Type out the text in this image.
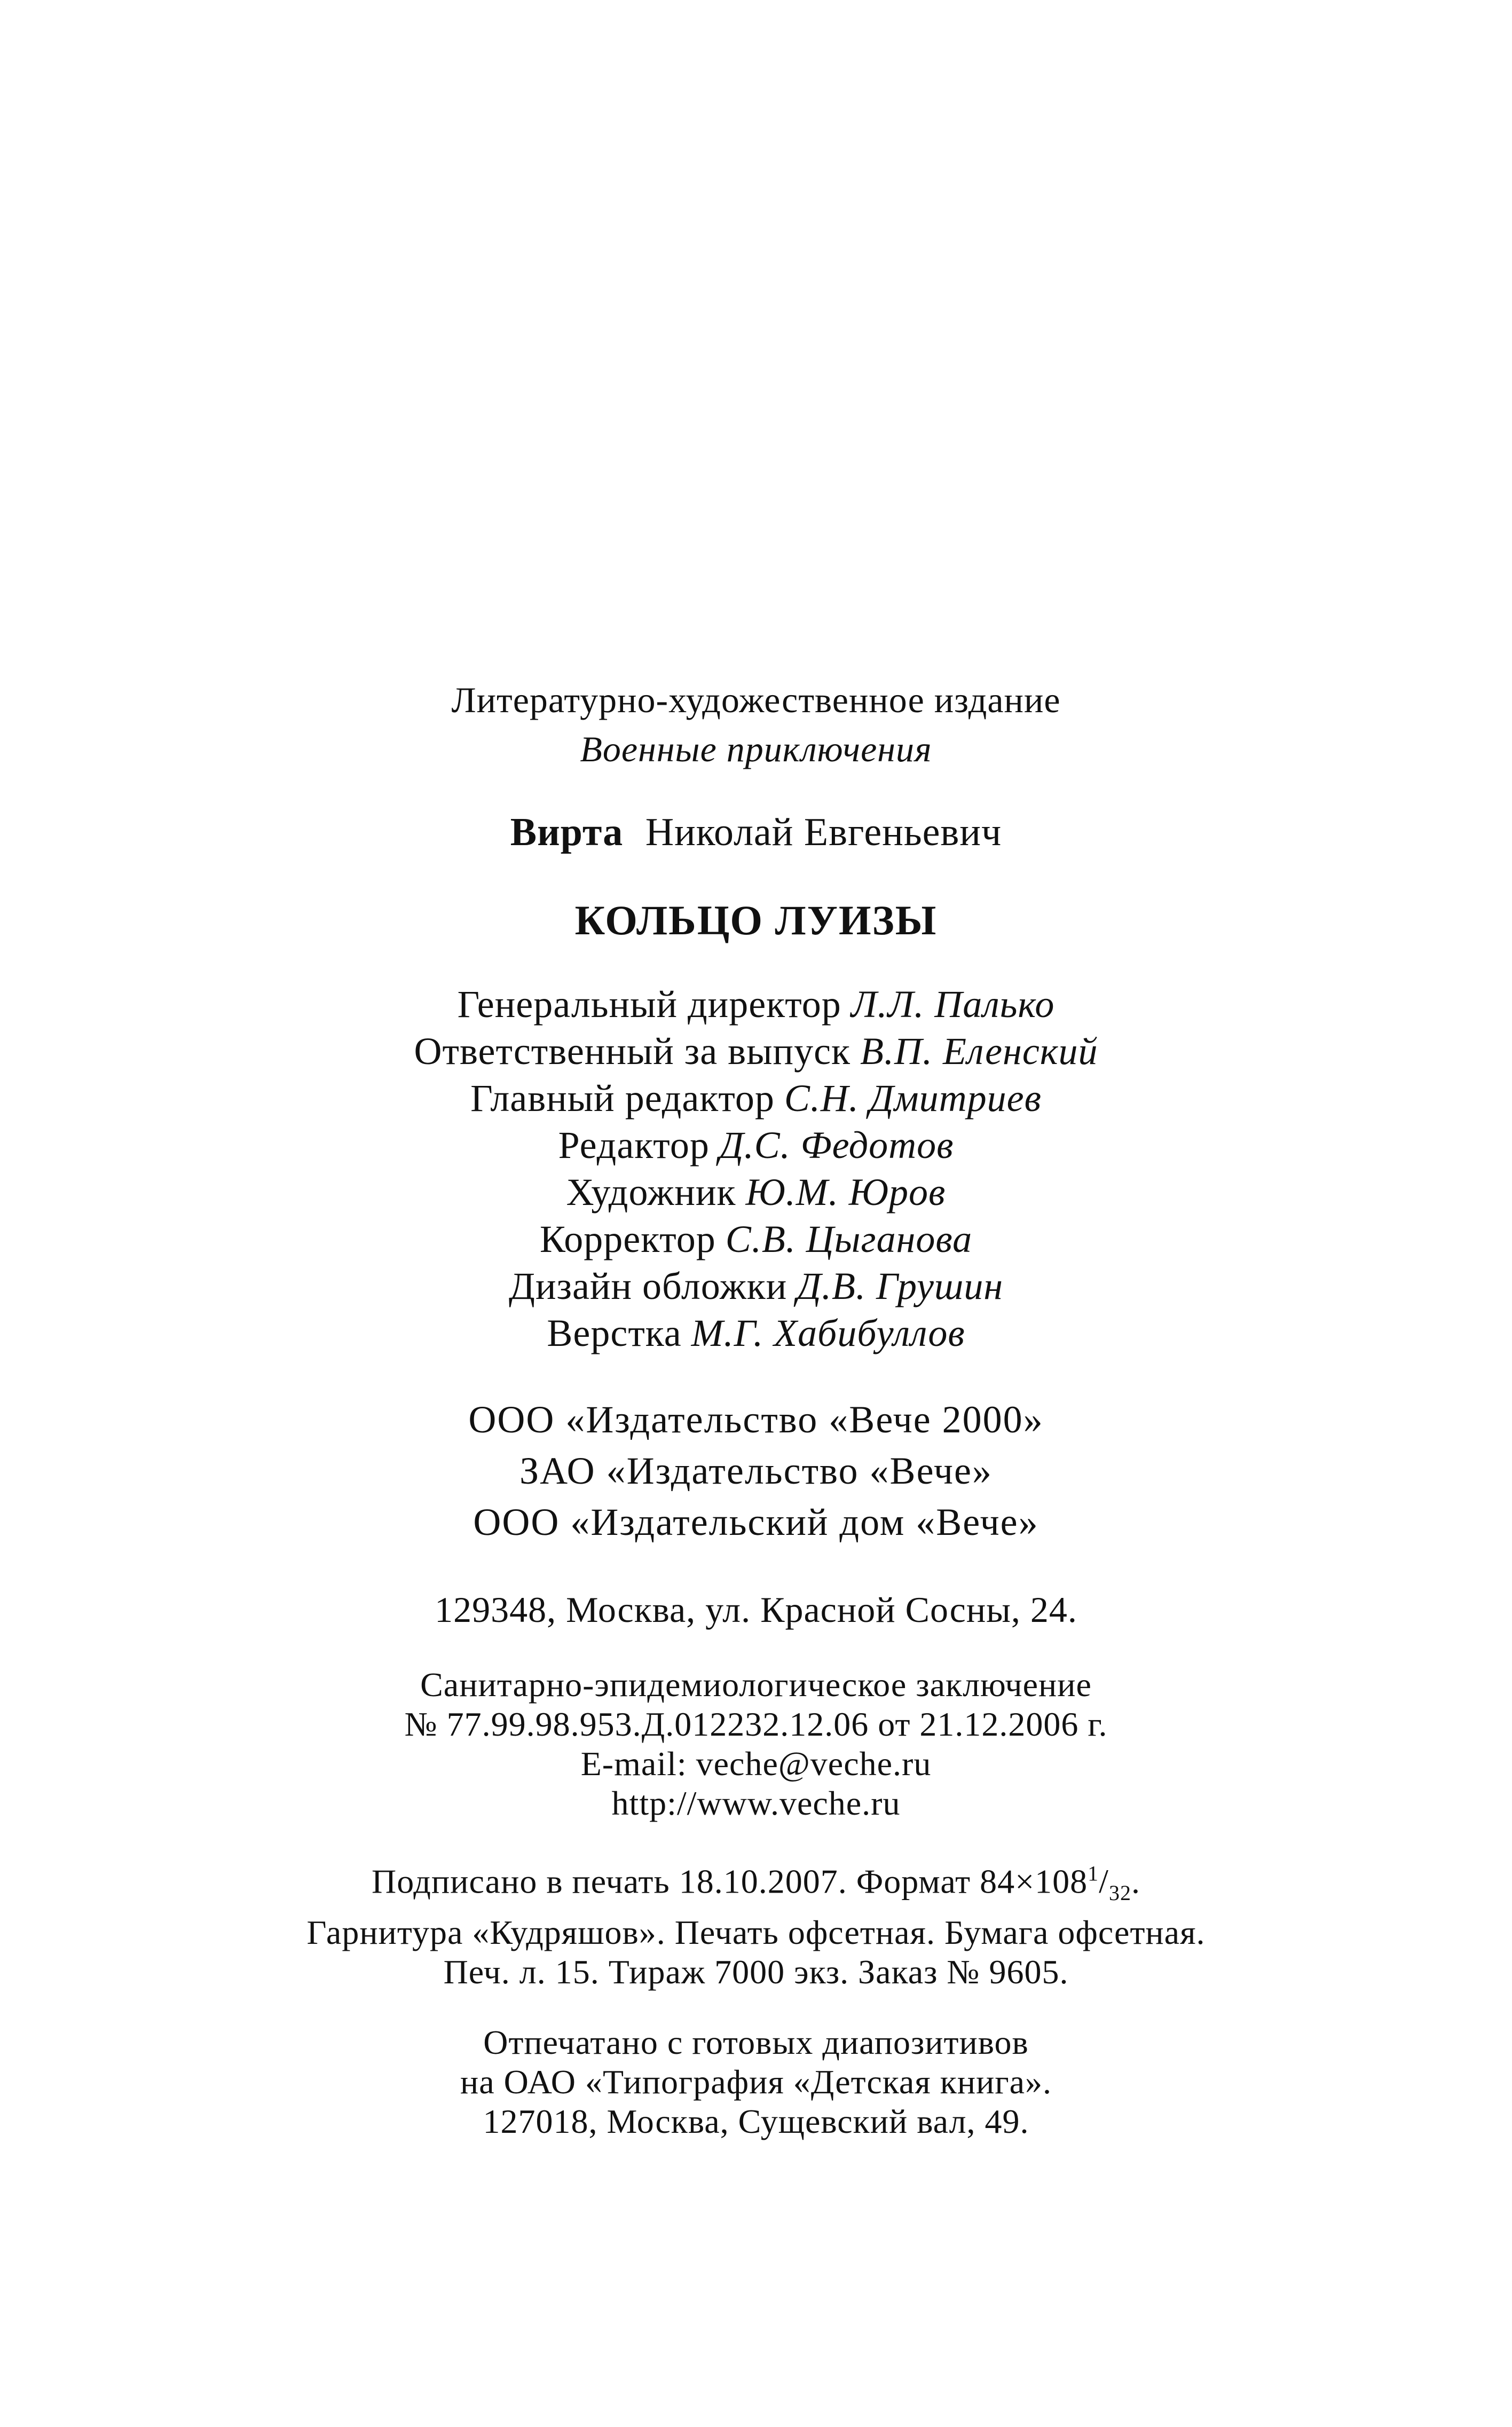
Литературно-художественное издание
Военные приключения
Вирта Николай Евгеньевич
КОЛЬЦО ЛУИЗЫ
Генеральный директор Л.Л. Палько
Ответственный за выпуск В.П. Еленский
Главный редактор С.Н. Дмитриев
Редактор Д.С. Федотов
Художник Ю.М. Юров
Корректор С.В. Цыганова
Дизайн обложки Д.В. Грушин
Верстка М.Г. Хабибуллов
ООО «Издательство «Вече 2000»
ЗАО «Издательство «Вече»
ООО «Издательский дом «Вече»
129348, Москва, ул. Красной Сосны, 24.
Санитарно-эпидемиологическое заключение
№ 77.99.98.953.Д.012232.12.06 от 21.12.2006 г.
E-mail: veche@veche.ru
http://www.veche.ru
Подписано в печать 18.10.2007. Формат $84\times 108^1/_{32}$.
Гарнитура «Кудряшов». Печать офсетная. Бумага офсетная.
Печ. л. 15. Тираж 7000 экз. Заказ № 9605.
Отпечатано с готовых диапозитивов
на ОАО «Типография «Детская книга».
127018, Москва, Сущевский вал, 49.
